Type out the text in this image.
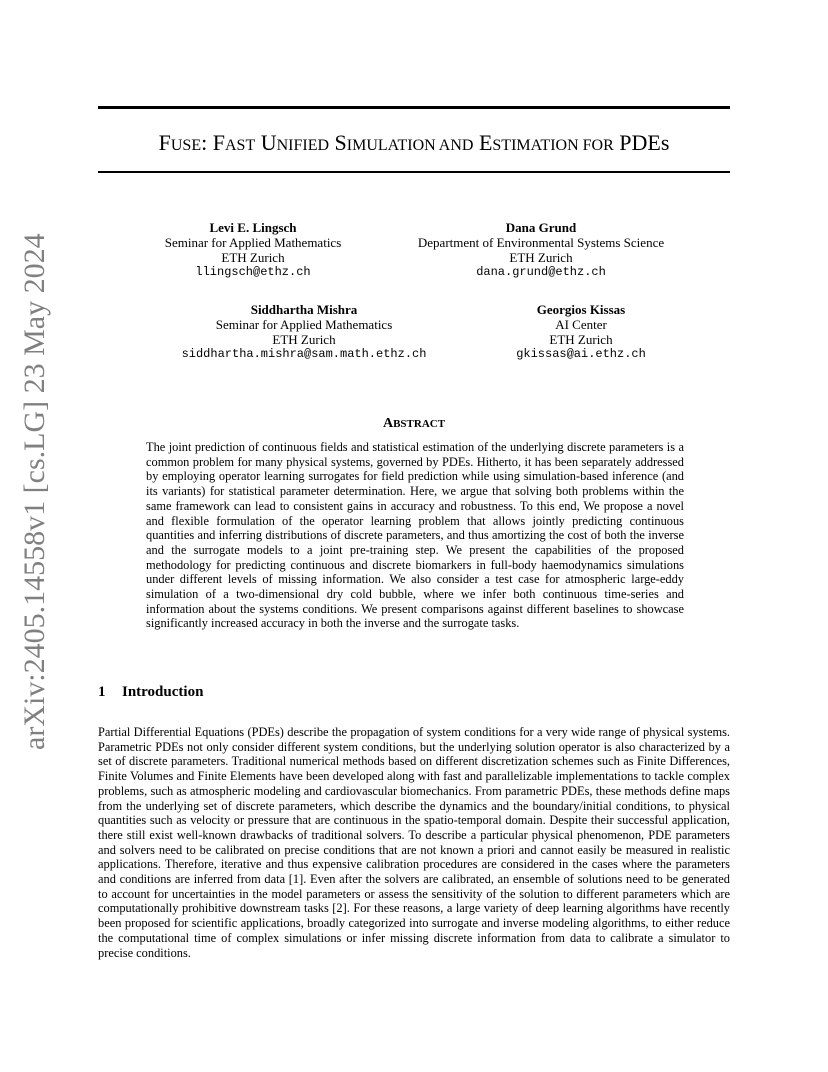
arXiv:2405.14558v1 [cs.LG] 23 May 2024
FUSE: FAST UNIFIED SIMULATION AND ESTIMATION FOR PDEs
Levi E. Lingsch
Seminar for Applied Mathematics
ETH Zurich
llingsch@ethz.ch
Dana Grund
Department of Environmental Systems Science
ETH Zurich
dana.grund@ethz.ch
Siddhartha Mishra
Seminar for Applied Mathematics
ETH Zurich
siddhartha.mishra@sam.math.ethz.ch
Georgios Kissas
AI Center
ETH Zurich
gkissas@ai.ethz.ch
ABSTRACT

The joint prediction of continuous fields and statistical estimation of the underlying discrete parameters is a common problem for many physical systems, governed by PDEs. Hitherto, it has been separately addressed by employing operator learning surrogates for field prediction while using simulation-based inference (and its variants) for statistical parameter determination. Here, we argue that solving both problems within the same framework can lead to consistent gains in accuracy and robustness. To this end, We propose a novel and flexible formulation of the operator learning problem that allows jointly predicting continuous quantities and inferring distributions of discrete parameters, and thus amortizing the cost of both the inverse and the surrogate models to a joint pre-training step. We present the capabilities of the proposed methodology for predicting continuous and discrete biomarkers in full-body haemodynamics simulations under different levels of missing information. We also consider a test case for atmospheric large-eddy simulation of a two-dimensional dry cold bubble, where we infer both continuous time-series and information about the systems conditions. We present comparisons against different baselines to showcase significantly increased accuracy in both the inverse and the surrogate tasks.

1 Introduction

Partial Differential Equations (PDEs) describe the propagation of system conditions for a very wide range of physical systems. Parametric PDEs not only consider different system conditions, but the underlying solution operator is also characterized by a set of discrete parameters. Traditional numerical methods based on different discretization schemes such as Finite Differences, Finite Volumes and Finite Elements have been developed along with fast and parallelizable implementations to tackle complex problems, such as atmospheric modeling and cardiovascular biomechanics. From parametric PDEs, these methods define maps from the underlying set of discrete parameters, which describe the dynamics and the boundary/initial conditions, to physical quantities such as velocity or pressure that are continuous in the spatio-temporal domain. Despite their successful application, there still exist well-known drawbacks of traditional solvers. To describe a particular physical phenomenon, PDE parameters and solvers need to be calibrated on precise conditions that are not known a priori and cannot easily be measured in realistic applications. Therefore, iterative and thus expensive calibration procedures are considered in the cases where the parameters and conditions are inferred from data [1]. Even after the solvers are calibrated, an ensemble of solutions need to be generated to account for uncertainties in the model parameters or assess the sensitivity of the solution to different parameters which are computationally prohibitive downstream tasks [2]. For these reasons, a large variety of deep learning algorithms have recently been proposed for scientific applications, broadly categorized into surrogate and inverse modeling algorithms, to either reduce the computational time of complex simulations or infer missing discrete information from data to calibrate a simulator to precise conditions.
